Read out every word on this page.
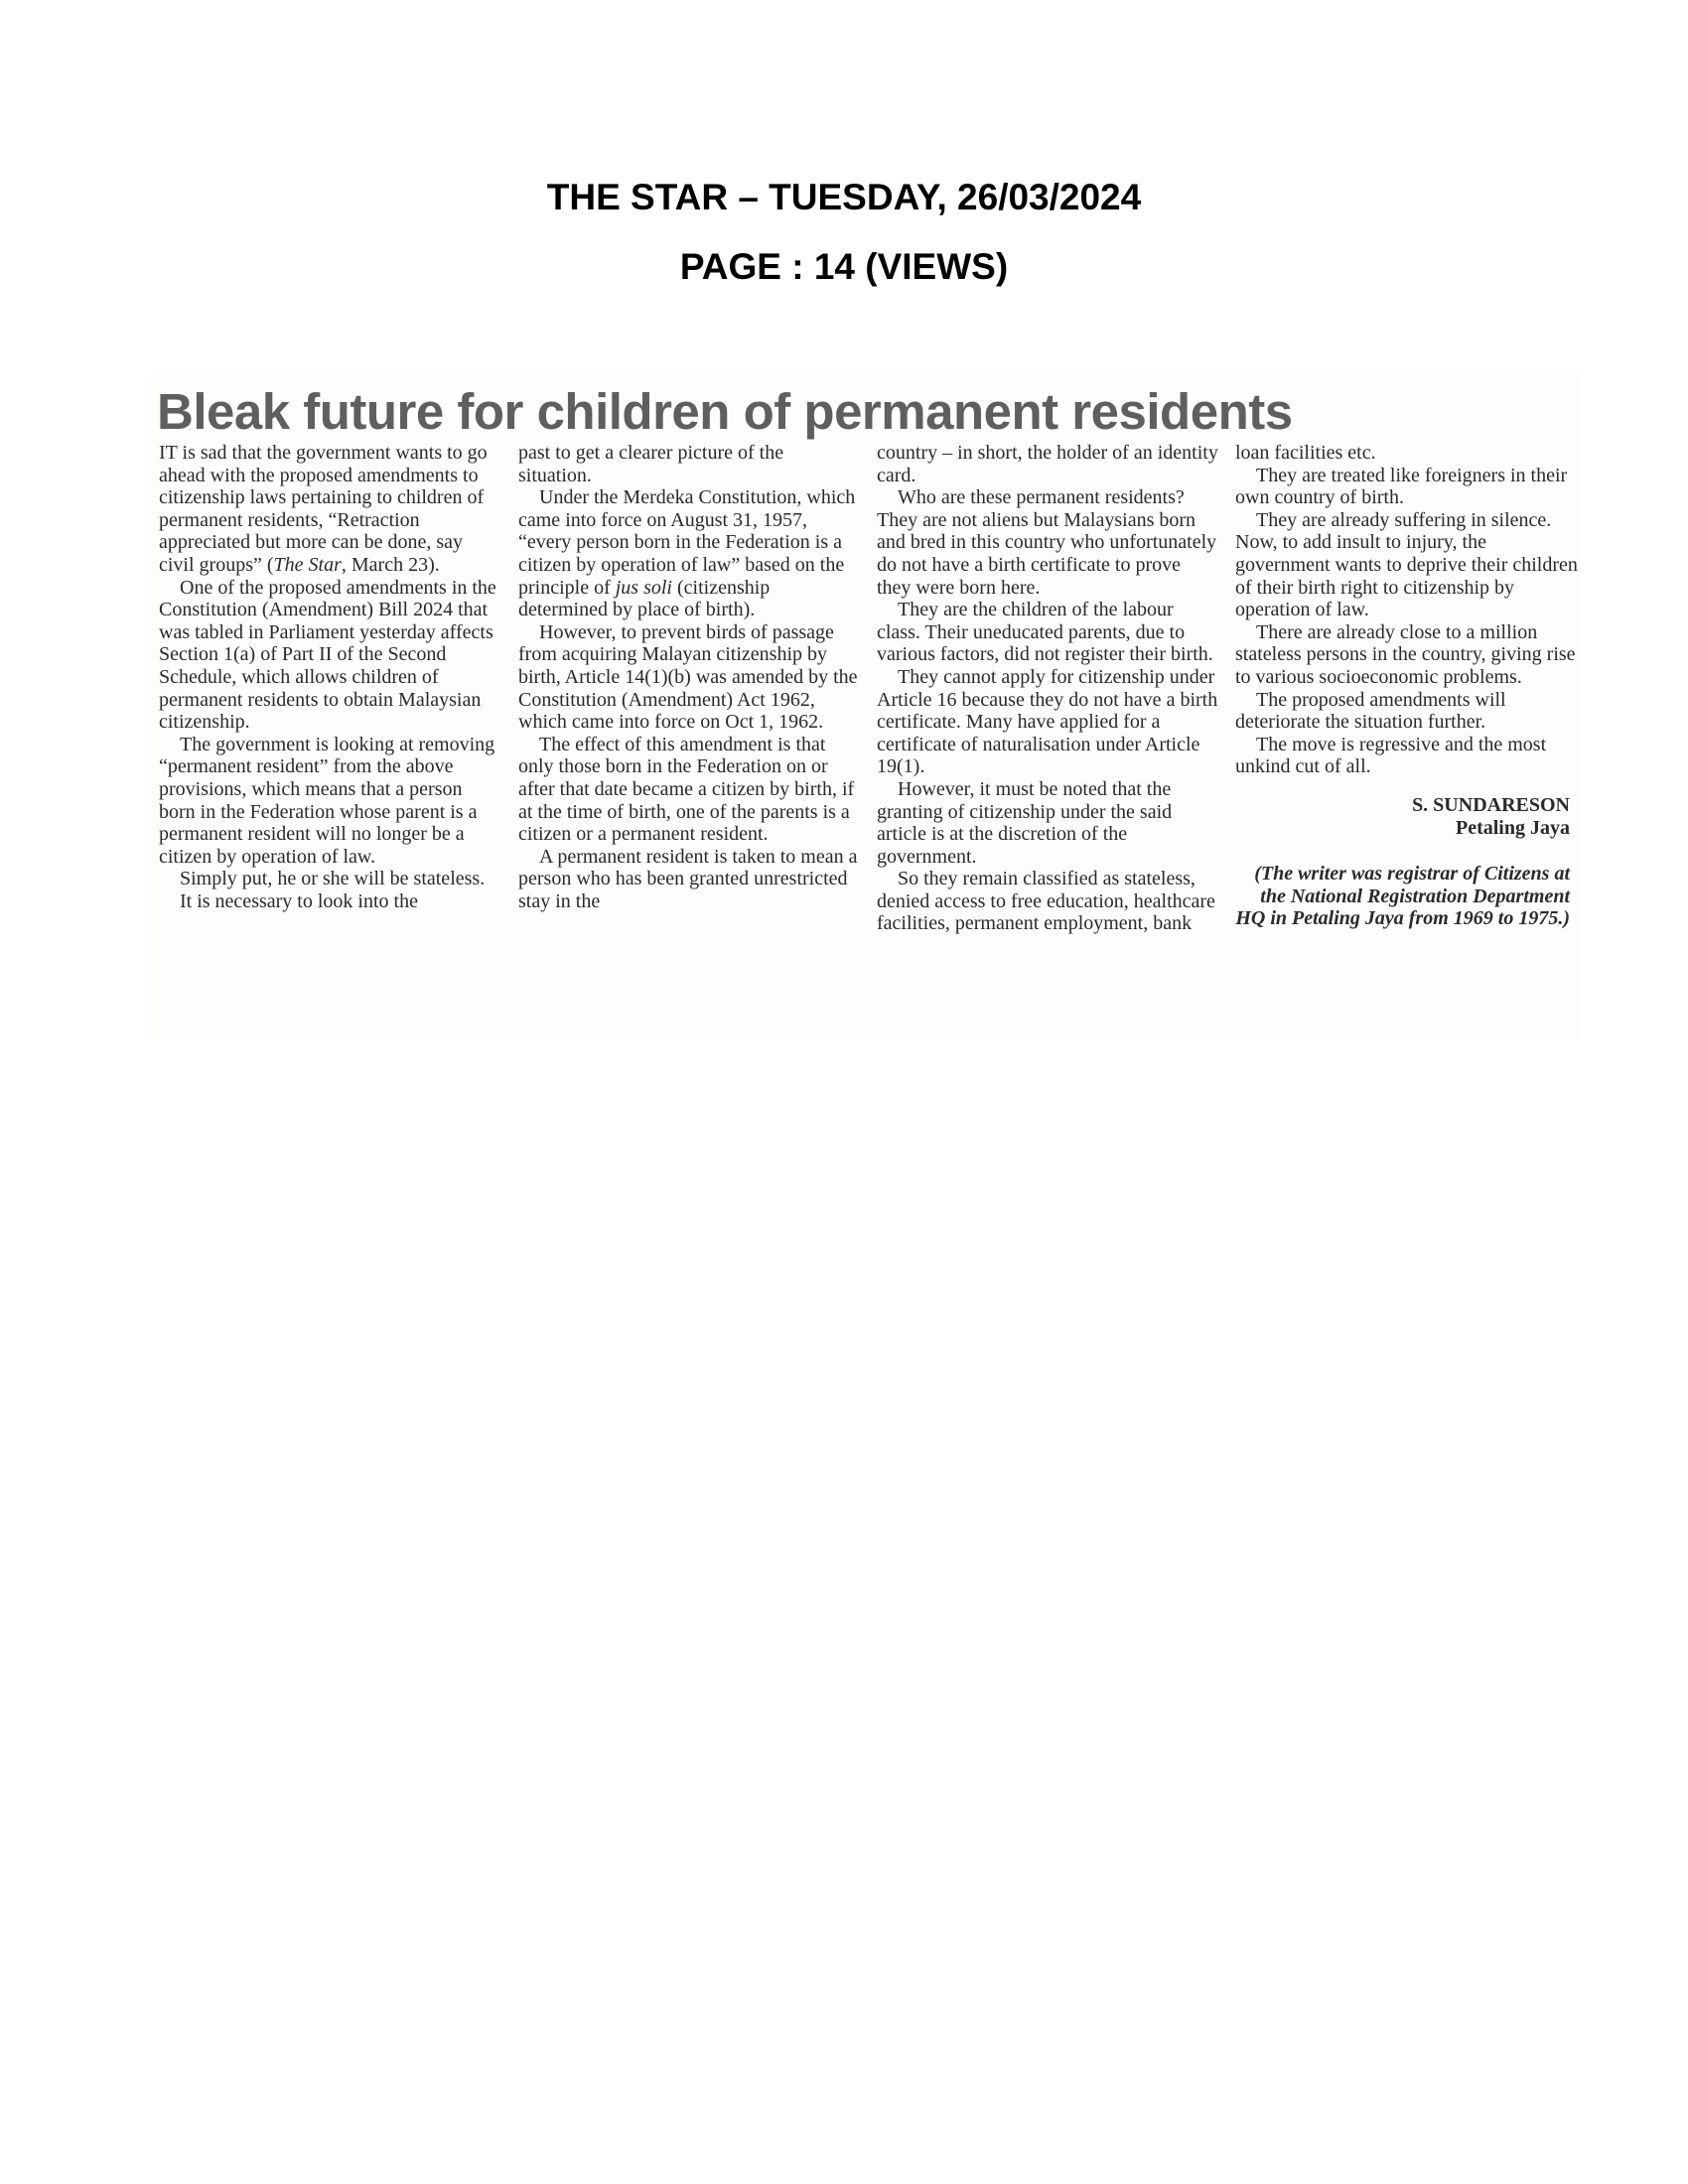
THE STAR – TUESDAY, 26/03/2024
PAGE : 14 (VIEWS)
Bleak future for children of permanent residents

IT is sad that the government wants to go ahead with the proposed amendments to citizenship laws pertaining to children of permanent residents, “Retraction appreciated but more can be done, say civil groups” (The Star, March 23).

One of the proposed amendments in the Constitution (Amendment) Bill 2024 that was tabled in Parliament yesterday affects Section 1(a) of Part II of the Second Schedule, which allows children of permanent residents to obtain Malaysian citizenship.

The government is looking at removing “permanent resident” from the above provisions, which means that a person born in the Federation whose parent is a permanent resident will no longer be a citizen by operation of law.

Simply put, he or she will be stateless.

It is necessary to look into the

past to get a clearer picture of the situation.

Under the Merdeka Constitution, which came into force on August 31, 1957, “every person born in the Federation is a citizen by operation of law” based on the principle of jus soli (citizenship determined by place of birth).

However, to prevent birds of passage from acquiring Malayan citizenship by birth, Article 14(1)(b) was amended by the Constitution (Amendment) Act 1962, which came into force on Oct 1, 1962.

The effect of this amendment is that only those born in the Federation on or after that date became a citizen by birth, if at the time of birth, one of the parents is a citizen or a permanent resident.

A permanent resident is taken to mean a person who has been granted unrestricted stay in the

country – in short, the holder of an identity card.

Who are these permanent residents? They are not aliens but Malaysians born and bred in this country who unfortunately do not have a birth certificate to prove they were born here.

They are the children of the labour class. Their uneducated parents, due to various factors, did not register their birth.

They cannot apply for citizenship under Article 16 because they do not have a birth certificate. Many have applied for a certificate of naturalisation under Article 19(1).

However, it must be noted that the granting of citizenship under the said article is at the discretion of the government.

So they remain classified as stateless, denied access to free education, healthcare facilities, permanent employment, bank

loan facilities etc.

They are treated like foreigners in their own country of birth.

They are already suffering in silence. Now, to add insult to injury, the government wants to deprive their children of their birth right to citizenship by operation of law.

There are already close to a million stateless persons in the country, giving rise to various socioeconomic problems.

The proposed amendments will deteriorate the situation further.

The move is regressive and the most unkind cut of all.

S. SUNDARESON

Petaling Jaya

(The writer was registrar of Citizens at the National Registration Department HQ in Petaling Jaya from 1969 to 1975.)
